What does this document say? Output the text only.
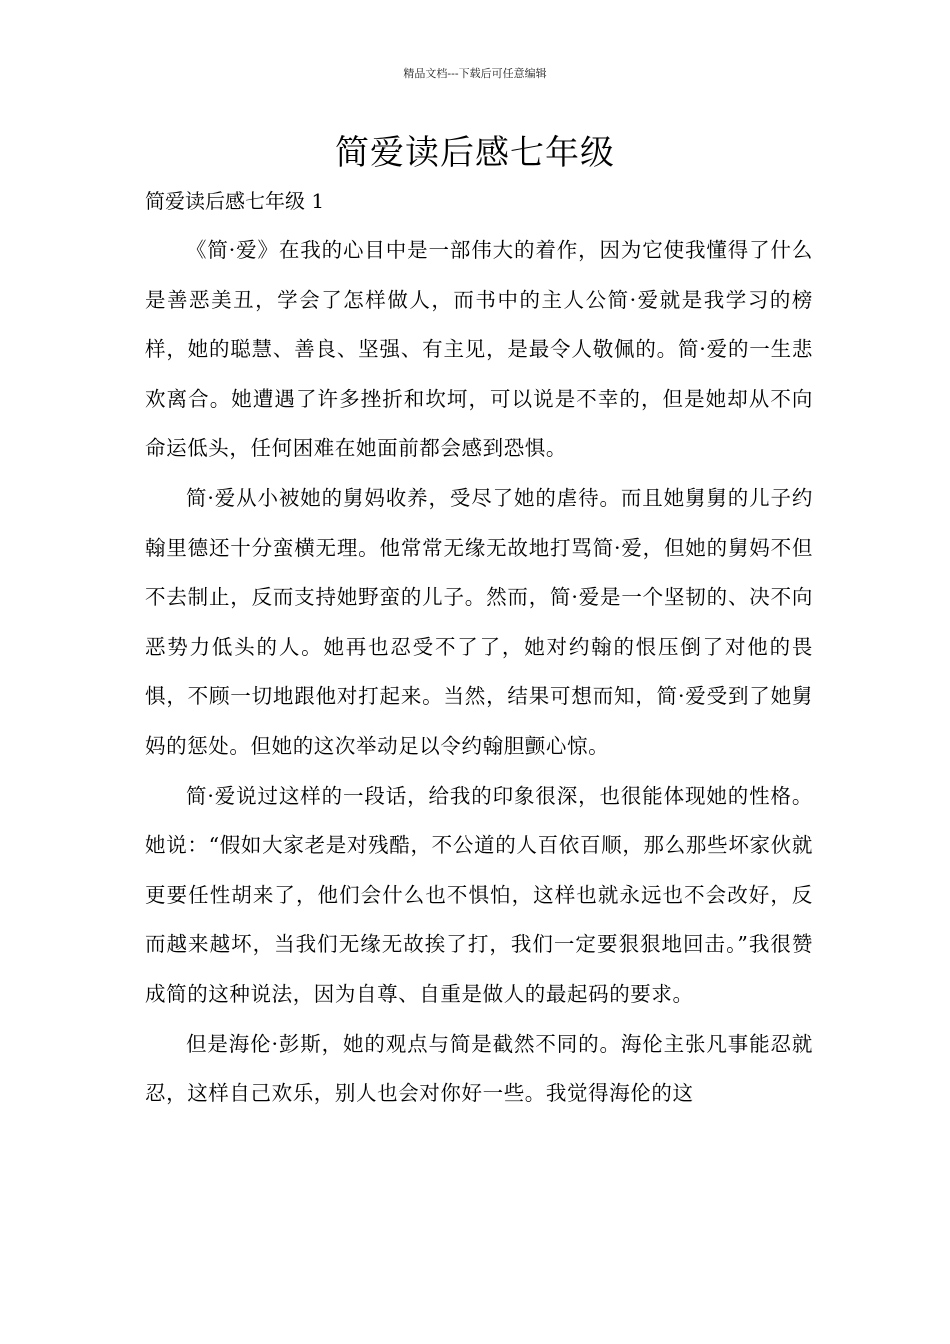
精品文档---下载后可任意编辑
简爱读后感七年级
简爱读后感七年级 1

《简·爱》在我的心目中是一部伟大的着作，因为它使我懂得了什么是善恶美丑，学会了怎样做人，而书中的主人公简·爱就是我学习的榜样，她的聪慧、善良、坚强、有主见，是最令人敬佩的。简·爱的一生悲欢离合。她遭遇了许多挫折和坎坷，可以说是不幸的，但是她却从不向命运低头，任何困难在她面前都会感到恐惧。

简·爱从小被她的舅妈收养，受尽了她的虐待。而且她舅舅的儿子约翰里德还十分蛮横无理。他常常无缘无故地打骂简·爱，但她的舅妈不但不去制止，反而支持她野蛮的儿子。然而，简·爱是一个坚韧的、决不向恶势力低头的人。她再也忍受不了了，她对约翰的恨压倒了对他的畏惧，不顾一切地跟他对打起来。当然，结果可想而知，简·爱受到了她舅妈的惩处。但她的这次举动足以令约翰胆颤心惊。

简·爱说过这样的一段话，给我的印象很深，也很能体现她的性格。她说：“假如大家老是对残酷，不公道的人百依百顺，那么那些坏家伙就更要任性胡来了，他们会什么也不惧怕，这样也就永远也不会改好，反而越来越坏，当我们无缘无故挨了打，我们一定要狠狠地回击。”我很赞成简的这种说法，因为自尊、自重是做人的最起码的要求。

但是海伦·彭斯，她的观点与简是截然不同的。海伦主张凡事能忍就忍，这样自己欢乐，别人也会对你好一些。我觉得海伦的这
